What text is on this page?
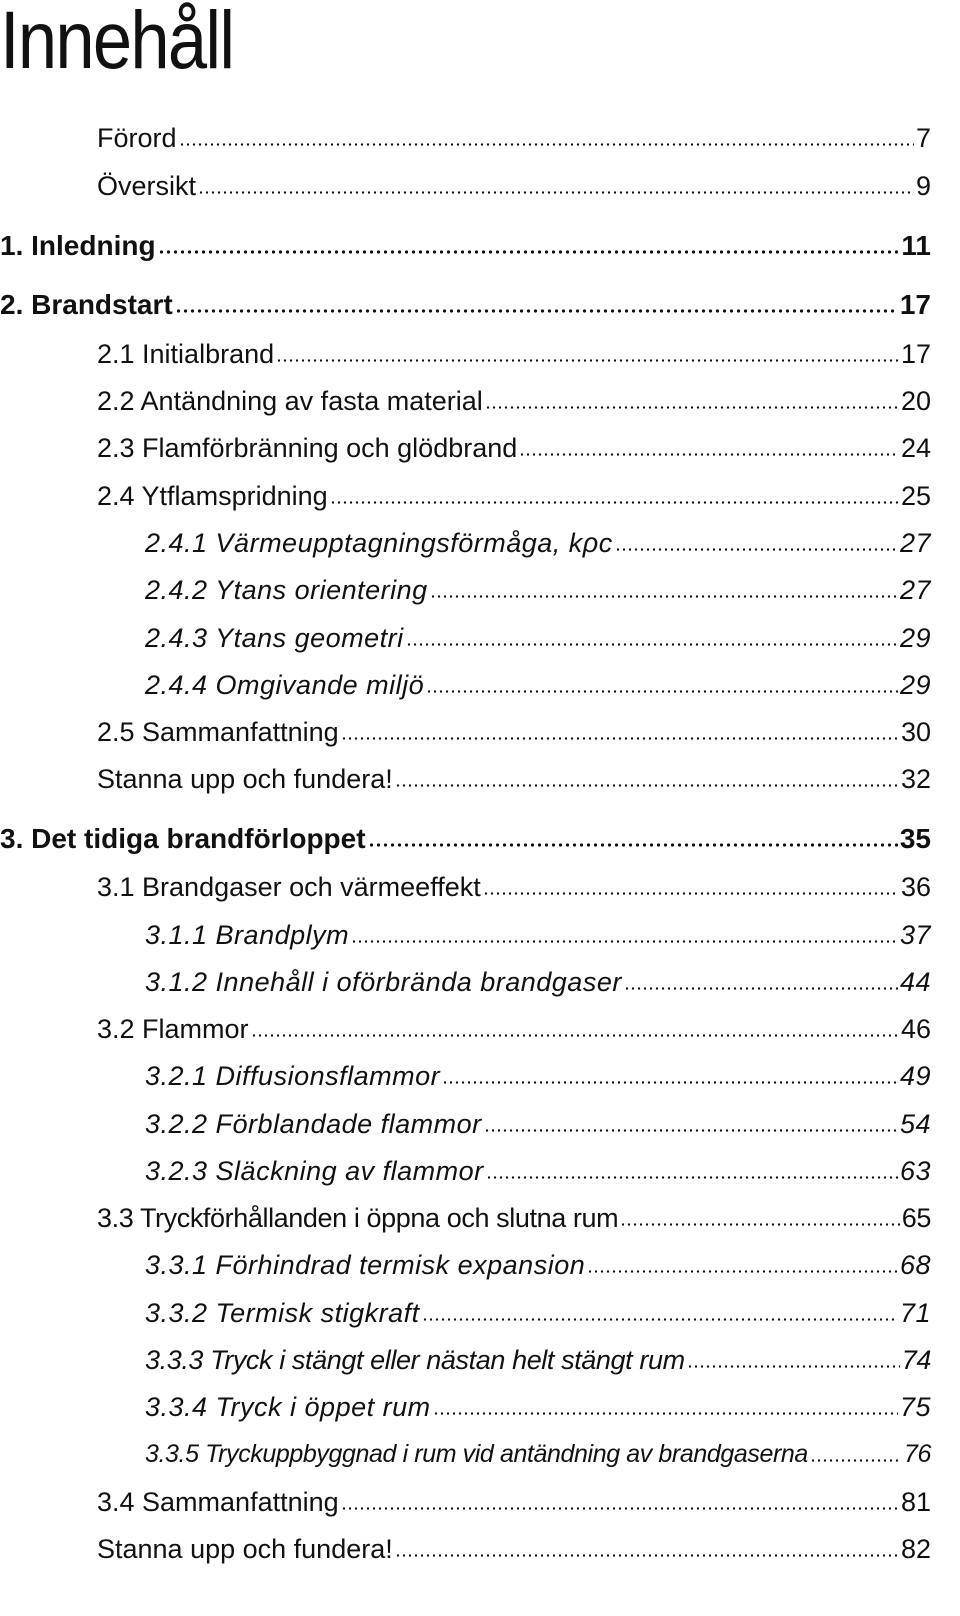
Innehåll
Förord	7
Översikt	9
1. Inledning	11
2. Brandstart	17
2.1 Initialbrand	17
2.2 Antändning av fasta material	20
2.3 Flamförbränning och glödbrand	24
2.4 Ytflamspridning	25
2.4.1 Värmeupptagningsförmåga, kρc	27
2.4.2 Ytans orientering	27
2.4.3 Ytans geometri	29
2.4.4 Omgivande miljö	29
2.5 Sammanfattning	30
Stanna upp och fundera!	32
3. Det tidiga brandförloppet	35
3.1 Brandgaser och värmeeffekt	36
3.1.1 Brandplym	37
3.1.2 Innehåll i oförbrända brandgaser	44
3.2 Flammor	46
3.2.1 Diffusionsflammor	49
3.2.2 Förblandade flammor	54
3.2.3 Släckning av flammor	63
3.3 Tryckförhållanden i öppna och slutna rum	65
3.3.1 Förhindrad termisk expansion	68
3.3.2 Termisk stigkraft	71
3.3.3 Tryck i stängt eller nästan helt stängt rum	74
3.3.4 Tryck i öppet rum	75
3.3.5 Tryckuppbyggnad i rum vid antändning av brandgaserna	76
3.4 Sammanfattning	81
Stanna upp och fundera!	82
